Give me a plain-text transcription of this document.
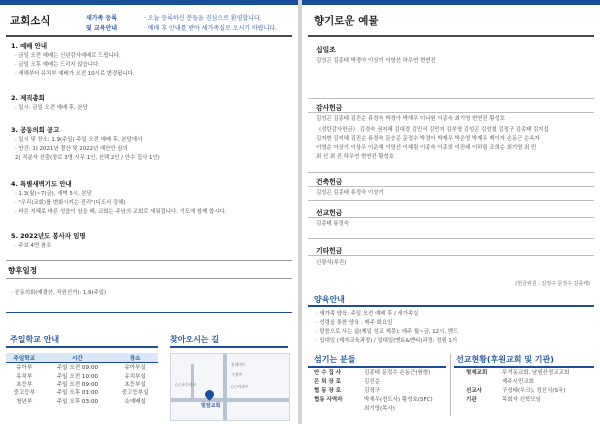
교회소식	새가족 등록	· 오늘 등록하신 분들을 진심으로 환영합니다.
및 교육안내	· 예배 후 안내를 받아 새가족실로 오시기 바랍니다.
1. 예배 안내
· 금일 오전 예배는 신년감사예배로 드립니다.
· 금일 오후 예배는 드리지 않습니다.
· 새해부터 유치부 예배가 오전 10시로 변경됩니다.
2. 제직총회
· 일시: 금일 오전 예배 후, 본당
3. 공동의회 공고
· 일시 및 장소: 1.9(주일) 주일 오전 예배 후, 본당에서
· 안건: 1) 2021년 결산 및 2022년 예산안 심의
2) 직분자 선출(장로 3명·시무 1인, 선택 2인 / 안수 집사 1인)
4. 특별새벽기도 안내
· 1.3(월)~7(금), 새벽 5시, 본당
· "우리(교회)를 변화시키는 진리"(디도서 강해)
· 바른 지혜로 바른 성읍이 임을 때, 교회는 주님의 교회로 세워집니다. 기도에 함께 합시다.
5. 2022년도 봉사자 임명
· 주보 4면 참조
향후일정
· 공동의회(예결산, 직원선거): 1.9(주일)
주일학교 안내
주일학교	시간	장소
유아부	주일 오전 09:00	유아부실
유치부	주일 오전 10:00	유치부실
초등부	주일 오전 09:00	초등부실
중고등부	주일 오후 01:00	중고등부실
청년부	주일 오후 03:00	소예배실
찾아오시는 길
롯데마트
시청역
○○초등학교	○○아파트
밀알교회
향기로운 예물
십일조
김성곤 김종태 박경아 이상기 이영선 하우연 현연진
감사헌금
김성곤 김종태 김진순 류정숙 박경아 박재우 이나원 이종숙 최기영 현연진 황성호
《성탄감사헌금》 김경숙 권지혜 김대경 김민서 김민지 김부영 김성곤 김성철 김정구 김종태 김지섭
김지현 김지혜 김진순 류정숙 문승준 문정수 박경아 박재우 박은영 박재우 백이자 손동근 손옥자
이영순 이상기 이상우 이운재 이영선 이혜림 이종숙 이종희 이진태 이하림 조희순 최기영 최 민
최 선 최 진 하우연 현연진 황성호
건축헌금
김성곤 김종태 류정숙 이상기
선교헌금
김종태 류정숙
기타헌금
신광식(루진)
(헌금위원 : 김정구 문정수 김종태)
양육안내
· 새가족 양육: 주일 오전 예배 후 / 새가족실
· 성령을 통한 양육 : 매주 화요일
· 말씀으로 사는 삶(제일 성교 제몽): 매주 월~금, 12시, 밴드
· 일대일 (제자교육과정) / 일대일(멘토&멘티)과정: 정원 1기
섬기는 분들
안 수 집 사	김종태 문정수 손동근(원형)
은 퇴 장 로	김진순
협 동 장 로	김정구
협동 사역자	박재우(전도사) 황성호(SFC)
최기영(목사)
선교현황(후원교회 및 기관)
형제교회	무거동교회, 남원산정교교회
제주시민교회
선교사	구성태(우크), 정선식(S국)
기관	목회자 신학모임
